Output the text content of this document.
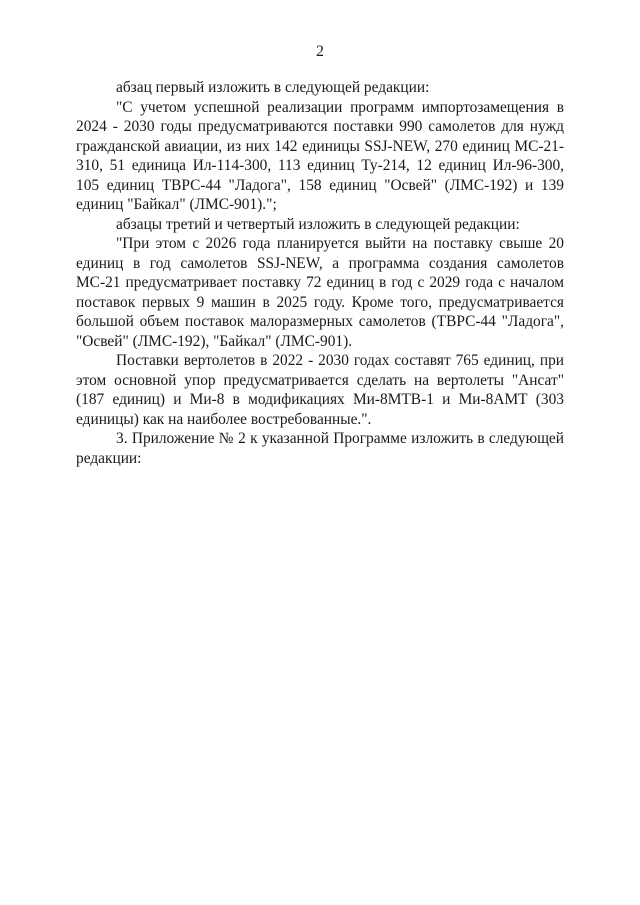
2

абзац первый изложить в следующей редакции:

"С учетом успешной реализации программ импортозамещения в 2024 - 2030 годы предусматриваются поставки 990 самолетов для нужд гражданской авиации, из них 142 единицы SSJ-NEW, 270 единиц МС-21-310, 51 единица Ил-114-300, 113 единиц Ту-214, 12 единиц Ил-96-300, 105 единиц ТВРС-44 "Ладога", 158 единиц "Освей" (ЛМС-192) и 139 единиц "Байкал" (ЛМС-901).";

абзацы третий и четвертый изложить в следующей редакции:

"При этом с 2026 года планируется выйти на поставку свыше 20 единиц в год самолетов SSJ-NEW, а программа создания самолетов МС-21 предусматривает поставку 72 единиц в год с 2029 года с началом поставок первых 9 машин в 2025 году. Кроме того, предусматривается большой объем поставок малоразмерных самолетов (ТВРС-44 "Ладога", "Освей" (ЛМС-192), "Байкал" (ЛМС-901).

Поставки вертолетов в 2022 - 2030 годах составят 765 единиц, при этом основной упор предусматривается сделать на вертолеты "Ансат" (187 единиц) и Ми-8 в модификациях Ми-8МТВ-1 и Ми-8АМТ (303 единицы) как на наиболее востребованные.".

3. Приложение № 2 к указанной Программе изложить в следующей редакции:
